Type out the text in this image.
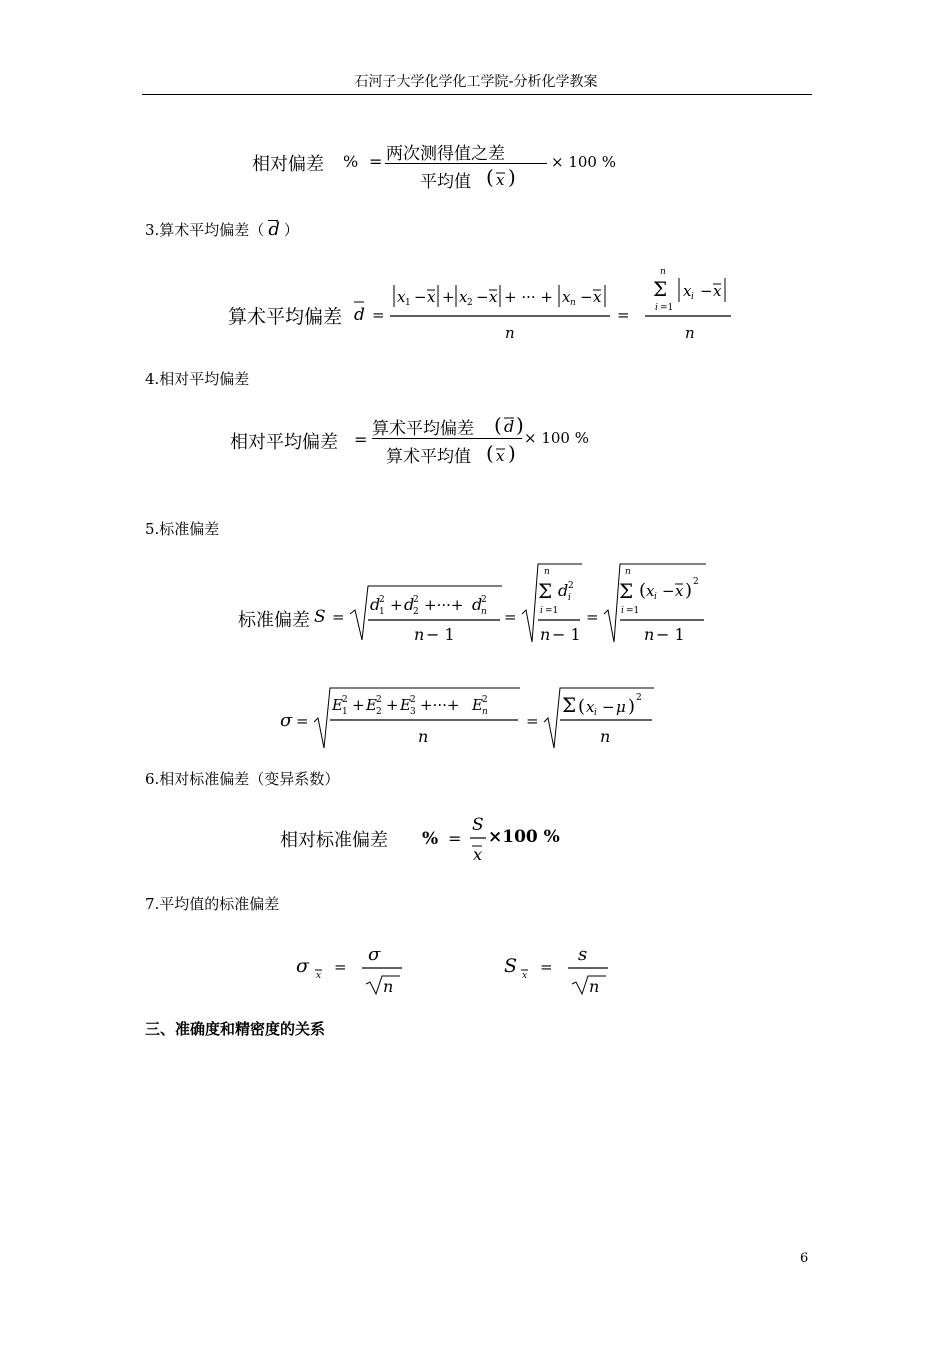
石河子大学化学化工学院-分析化学教案
相对偏差 % = 两次测得值之差
平均值 ( x )
× 100 %
3.算术平均偏差（ d ）
算术平均偏差 d =
x 1 − x + x 2 − x + ··· + x n − x
n
=
n
Σ
i =1
x i − x
n
4.相对平均偏差
相对平均偏差 =
算术平均偏差 ( d )
算术平均值 ( x )
× 100 %
5.标准偏差
标准偏差 S =
d
2
1 + d
2
2 +···+ d
2
n
n − 1
=
n
Σ
i =1
d 2
i
n − 1
=
n
Σ
i =1
( x i − x ) 2
n − 1
σ =
E 2
1 + E 2
2 + E 2
3 +···+ E 2
n
n
=
Σ ( x i − μ ) 2
n
6.相对标准偏差（变异系数）
相对标准偏差 % =
S
x
×100 %
7.平均值的标准偏差
σ x =
σ
n
S x =
s
n
三、准确度和精密度的关系
6
